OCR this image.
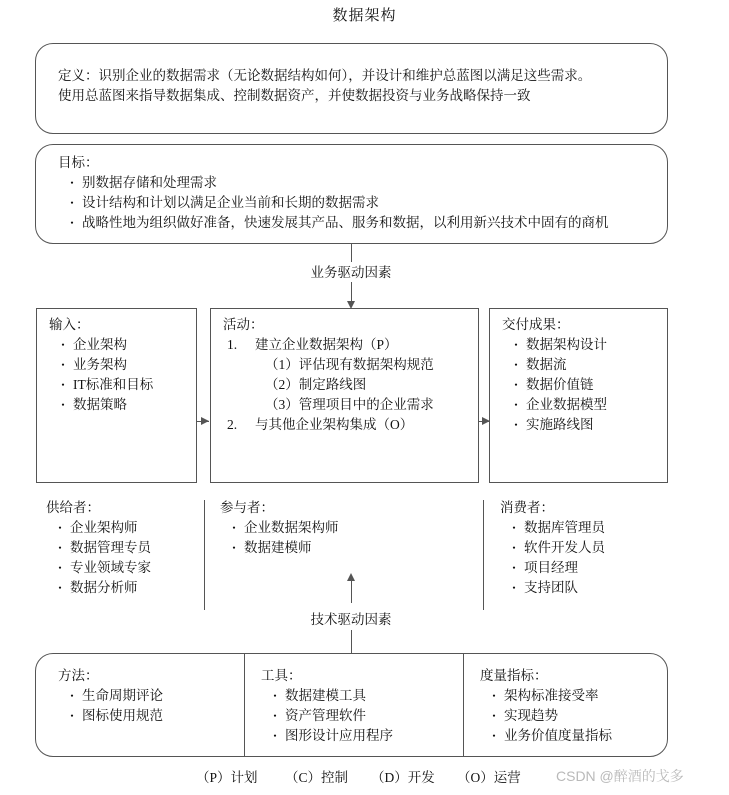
数据架构
定义：识别企业的数据需求（无论数据结构如何），并设计和维护总蓝图以满足这些需求。
使用总蓝图来指导数据集成、控制数据资产，并使数据投资与业务战略保持一致
目标：
・ 别数据存储和处理需求
・ 设计结构和计划以满足企业当前和长期的数据需求
・ 战略性地为组织做好准备，快速发展其产品、服务和数据，以利用新兴技术中固有的商机
业务驱动因素
输入：
・ 企业架构
・ 业务架构
・ IT标准和目标
・ 数据策略
活动：
建立企业数据架构（P）
（1）评估现有数据架构规范
（2）制定路线图
（3）管理项目中的企业需求
与其他企业架构集成（O）
交付成果：
・ 数据架构设计
・ 数据流
・ 数据价值链
・ 企业数据模型
・ 实施路线图
供给者：
・ 企业架构师
・ 数据管理专员
・ 专业领域专家
・ 数据分析师
参与者：
・ 企业数据架构师
・ 数据建模师
消费者：
・ 数据库管理员
・ 软件开发人员
・ 项目经理
・ 支持团队
技术驱动因素
方法：
・ 生命周期评论
・ 图标使用规范
工具：
・ 数据建模工具
・ 资产管理软件
・ 图形设计应用程序
度量指标：
・ 架构标准接受率
・ 实现趋势
・ 业务价值度量指标
（P）计划 （C）控制 （D）开发 （O）运营	CSDN @醉酒的戈多
